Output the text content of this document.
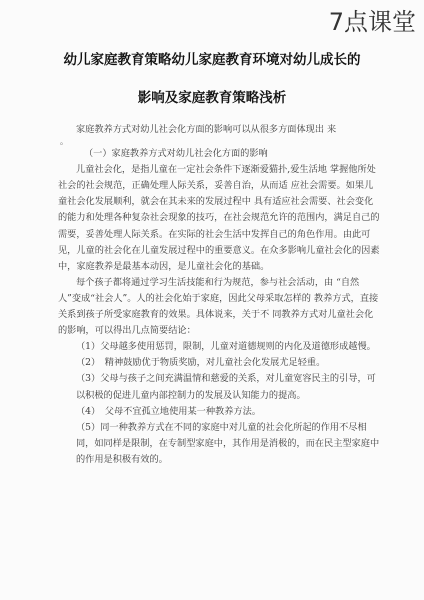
7点课堂
幼儿家庭教育策略幼儿家庭教育环境对幼儿成长的
影响及家庭教育策略浅析

家庭教养方式对幼儿社会化方面的影响可以从很多方面体现出 来

。

（一）家庭教养方式对幼儿社会化方面的影响

儿童社会化，是指儿童在一定社会条件下逐渐爱猫扑,爱生活地 掌握他所处社会的社会规范，正确处理人际关系，妥善自治，从而适 应社会需要。如果儿童社会化发展顺利，就会在其未来的发展过程中 具有适应社会需要、社会变化的能力和处理各种复杂社会现象的技巧，在社会规范允许的范围内，满足自己的需要，妥善处理人际关系。在实际的社会生活中发挥自己的角色作用。由此可见，儿童的社会化在儿童发展过程中的重要意义。在众多影响儿童社会化的因素中，家庭教养是最基本动因，是儿童社会化的基础。

每个孩子都将通过学习生活技能和行为规范，参与社会活动，由 “自然人”变成“社会人”。人的社会化始于家庭，因此父母采取怎样的 教养方式，直接关系到孩子所受家庭教育的效果。具体说来，关于不 同教养方式对儿童社会化的影响，可以得出几点简要结论：

（1）父母越多使用惩罚，限制，儿童对道德规则的内化及道德形成越慢。

（2）　精神鼓励优于物质奖励，对儿童社会化发展尤足轻重。

（3）父母与孩子之间充满温情和慈爱的关系，对儿童宽容民主的引导，可以积极的促进儿童内部控制力的发展及认知能力的提高。

（4）　父母不宜孤立地使用某一种教养方法。

（5）同一种教养方式在不同的家庭中对儿童的社会化所起的作用不尽相同，如同样是限制，在专制型家庭中，其作用是消极的，而在民主型家庭中的作用是积极有效的。
